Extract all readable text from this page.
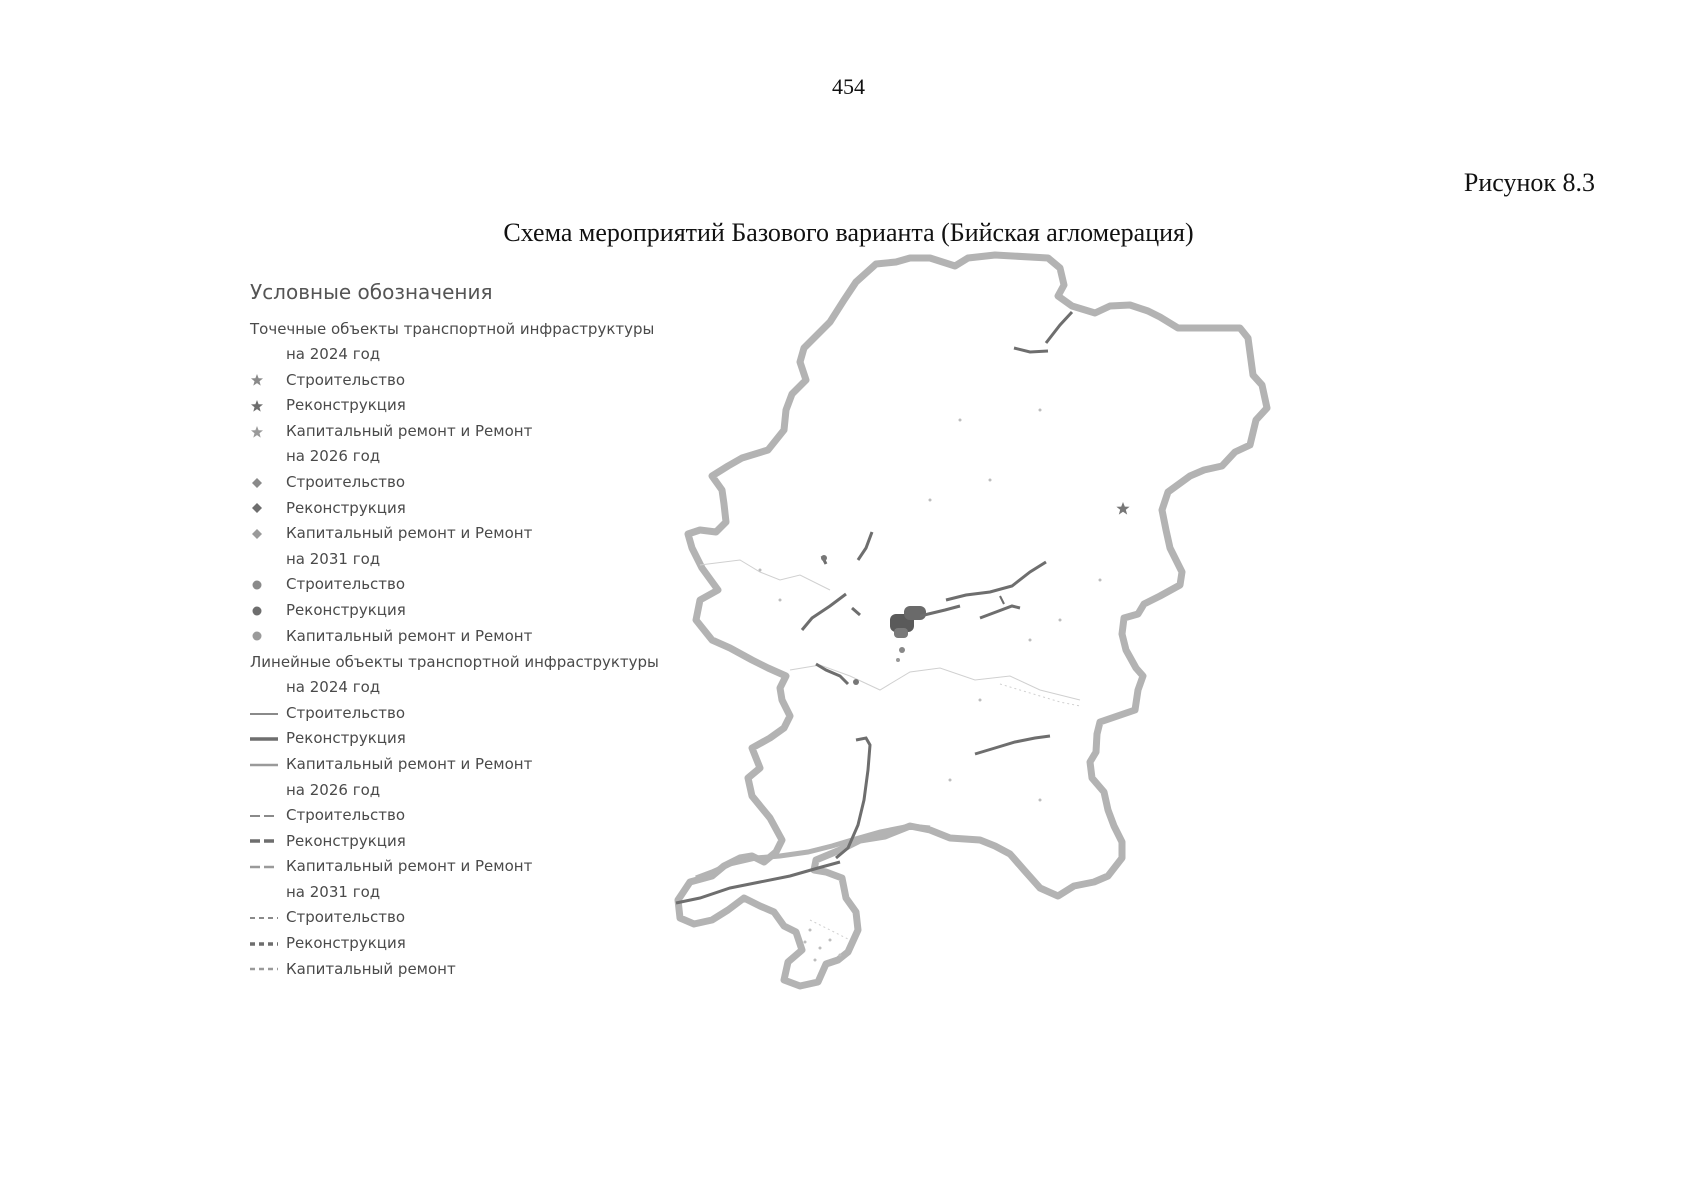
454
Рисунок 8.3
Схема мероприятий Базового варианта (Бийская агломерация)
Условные обозначения
Точечные объекты транспортной инфраструктуры
на 2024 год
Строительство
Реконструкция
Капитальный ремонт и Ремонт
на 2026 год
Строительство
Реконструкция
Капитальный ремонт и Ремонт
на 2031 год
Строительство
Реконструкция
Капитальный ремонт и Ремонт
Линейные объекты транспортной инфраструктуры
на 2024 год
Строительство
Реконструкция
Капитальный ремонт и Ремонт
на 2026 год
Строительство
Реконструкция
Капитальный ремонт и Ремонт
на 2031 год
Строительство
Реконструкция
Капитальный ремонт
